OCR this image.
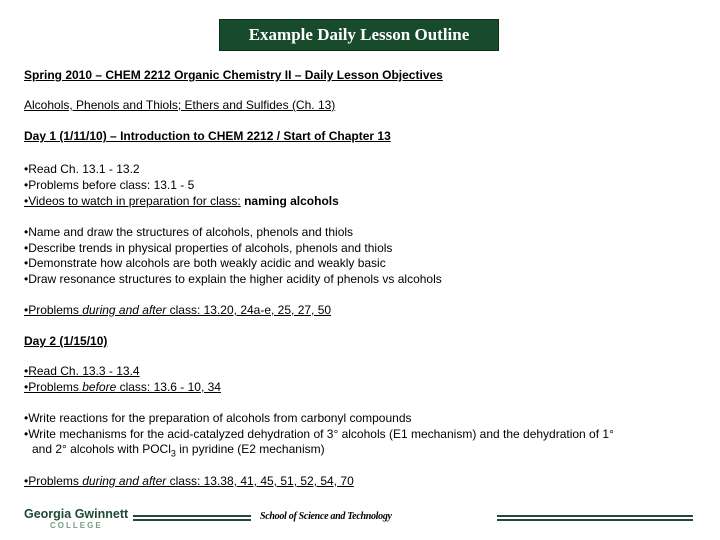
Example Daily Lesson Outline
Spring 2010 – CHEM 2212 Organic Chemistry II – Daily Lesson Objectives
Alcohols, Phenols and Thiols; Ethers and Sulfides (Ch. 13)
Day 1 (1/11/10) – Introduction to CHEM 2212 / Start of Chapter 13
•Read Ch. 13.1 - 13.2
•Problems before class: 13.1 - 5
•Videos to watch in preparation for class: naming alcohols
•Name and draw the structures of alcohols, phenols and thiols
•Describe trends in physical properties of alcohols, phenols and thiols
•Demonstrate how alcohols are both weakly acidic and weakly basic
•Draw resonance structures to explain the higher acidity of phenols vs alcohols
•Problems during and after class: 13.20, 24a-e, 25, 27, 50
Day 2 (1/15/10)
•Read Ch. 13.3 - 13.4
•Problems before class: 13.6 - 10, 34
•Write reactions for the preparation of alcohols from carbonyl compounds
•Write mechanisms for the acid-catalyzed dehydration of 3° alcohols (E1 mechanism) and the dehydration of 1°
and 2° alcohols with POCl$_3$ in pyridine (E2 mechanism)
•Problems during and after class: 13.38, 41, 45, 51, 52, 54, 70
Georgia Gwinnett
COLLEGE
School of Science and Technology
